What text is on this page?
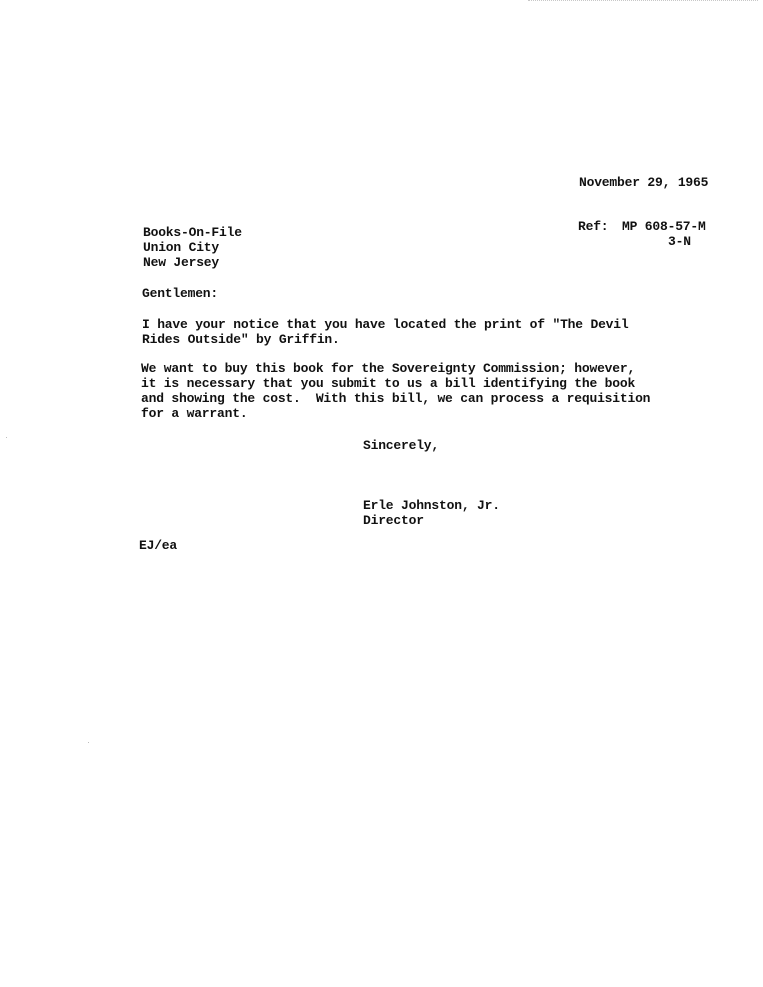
November 29, 1965

Ref: MP 608-57-M

3-N

Books-On-File

Union City

New Jersey

Gentlemen:

I have your notice that you have located the print of "The Devil

Rides Outside" by Griffin.

We want to buy this book for the Sovereignty Commission; however,

it is necessary that you submit to us a bill identifying the book

and showing the cost.  With this bill, we can process a requisition

for a warrant.

Sincerely,

Erle Johnston, Jr.

Director

EJ/ea
